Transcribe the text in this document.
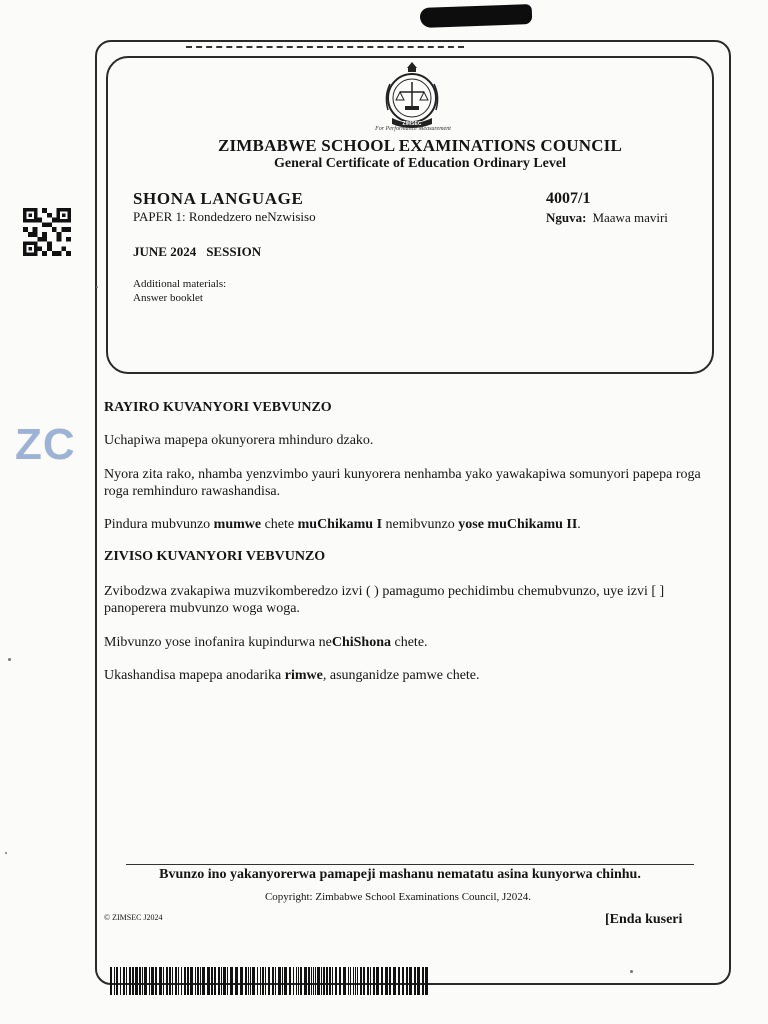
ZC
ZIMSEC
For Performance Measurement
ZIMBABWE SCHOOL EXAMINATIONS COUNCIL
General Certificate of Education Ordinary Level
SHONA LANGUAGE	4007/1
PAPER 1: Rondedzero neNzwisiso	Nguva: Maawa maviri
JUNE 2024 SESSION
Additional materials:
Answer booklet
RAYIRO KUVANYORI VEBVUNZO
Uchapiwa mapepa okunyorera mhinduro dzako.
Nyora zita rako, nhamba yenzvimbo yauri kunyorera nenhamba yako yawakapiwa somunyori papepa roga roga remhinduro rawashandisa.
Pindura mubvunzo mumwe chete muChikamu I nemibvunzo yose muChikamu II.
ZIVISO KUVANYORI VEBVUNZO
Zvibodzwa zvakapiwa muzvikomberedzo izvi ( ) pamagumo pechidimbu chemubvunzo, uye izvi [ ] panoperera mubvunzo woga woga.
Mibvunzo yose inofanira kupindurwa neChiShona chete.
Ukashandisa mapepa anodarika rimwe, asunganidze pamwe chete.
Bvunzo ino yakanyorerwa pamapeji mashanu nematatu asina kunyorwa chinhu.
Copyright: Zimbabwe School Examinations Council, J2024.
© ZIMSEC J2024	[Enda kuseri
